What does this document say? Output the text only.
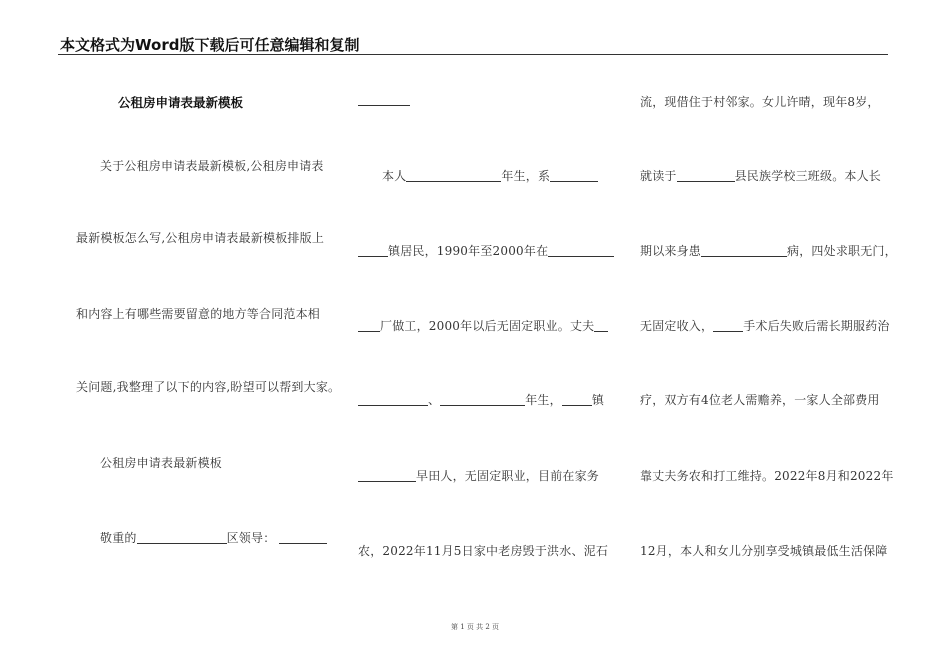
本文格式为Word版下载后可任意编辑和复制
公租房申请表最新模板
关于公租房申请表最新模板,公租房申请表
最新模板怎么写,公租房申请表最新模板排版上
和内容上有哪些需要留意的地方等合同范本相
关问题,我整理了以下的内容,盼望可以帮到大家。
公租房申请表最新模板
敬重的	区领导：
本人	年生，系
镇居民，1990年至2000年在
厂做工，2000年以后无固定职业。丈夫
、	年生，	镇
早田人，无固定职业，目前在家务
农，2022年11月5日家中老房毁于洪水、泥石
流，现借住于村邻家。女儿许晴，现年8岁，
就读于	县民族学校三班级。本人长
期以来身患	病，四处求职无门，
无固定收入，	手术后失败后需长期服药治
疗，双方有4位老人需赡养，一家人全部费用
靠丈夫务农和打工维持。2022年8月和2022年
12月，本人和女儿分别享受城镇最低生活保障
第 1 页 共 2 页
